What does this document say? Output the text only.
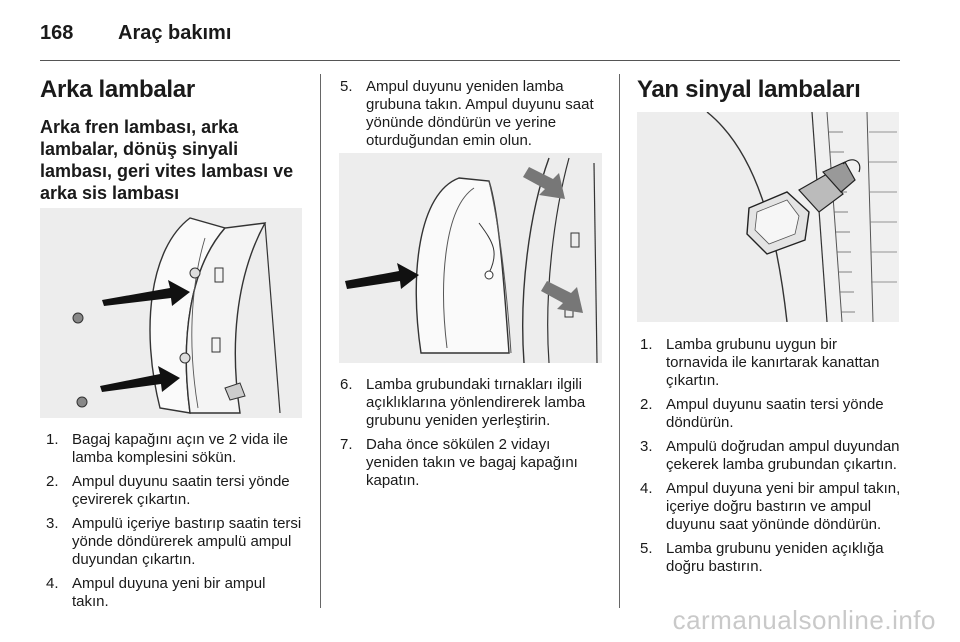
168 Araç bakımı
Arka lambalar
Arka fren lambası, arka lambalar, dönüş sinyali lambası, geri vites lambası ve arka sis lambası
1. Bagaj kapağını açın ve 2 vida ile lamba komplesini sökün.
2. Ampul duyunu saatin tersi yönde çevirerek çıkartın.
3. Ampulü içeriye bastırıp saatin tersi yönde döndürerek ampulü ampul duyundan çıkartın.
4. Ampul duyuna yeni bir ampul takın.
5. Ampul duyunu yeniden lamba grubuna takın. Ampul duyunu saat yönünde döndürün ve yerine oturduğundan emin olun.
6. Lamba grubundaki tırnakları ilgili açıklıklarına yönlendirerek lamba grubunu yeniden yerleştirin.
7. Daha önce sökülen 2 vidayı yeniden takın ve bagaj kapağını kapatın.
Yan sinyal lambaları
1. Lamba grubunu uygun bir tornavida ile kanırtarak kanattan çıkartın.
2. Ampul duyunu saatin tersi yönde döndürün.
3. Ampulü doğrudan ampul duyundan çekerek lamba grubundan çıkartın.
4. Ampul duyuna yeni bir ampul takın, içeriye doğru bastırın ve ampul duyunu saat yönünde döndürün.
5. Lamba grubunu yeniden açıklığa doğru bastırın.
carmanualsonline.info
